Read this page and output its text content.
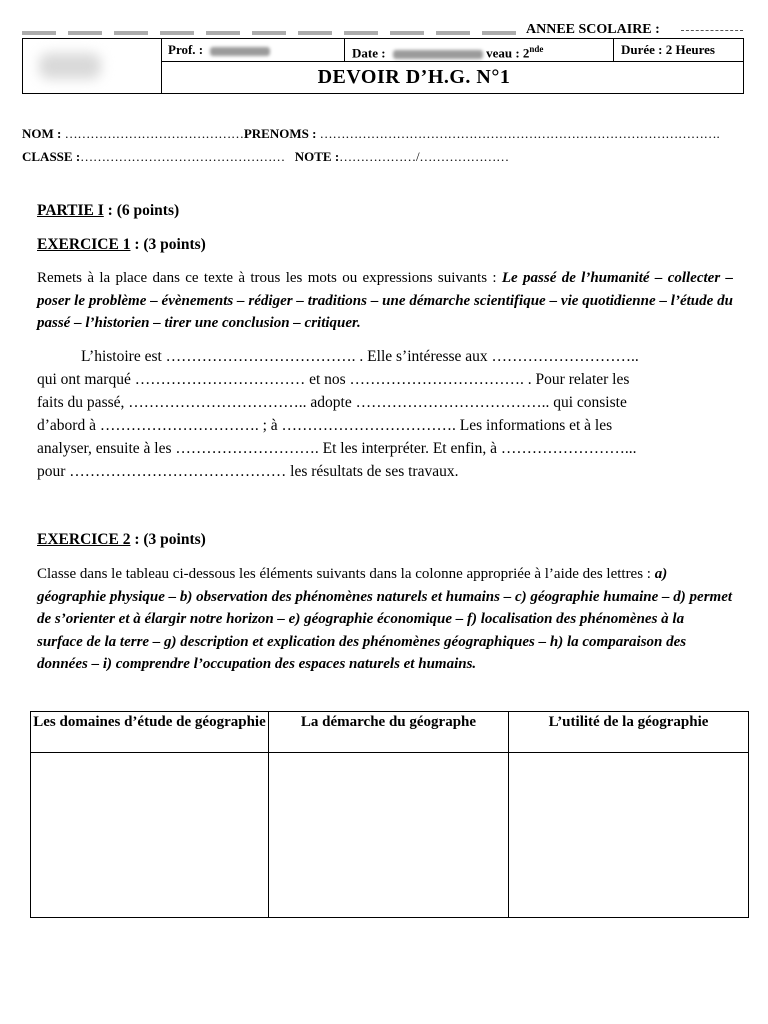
ANNEE SCOLAIRE :
Prof. :	Date :	veau : 2nde	Durée : 2 Heures
DEVOIR D’H.G. N°1
NOM : ……………………………………PRENOMS : ………………………………………………………………………………….
CLASSE :………………………………………… NOTE :………………/…………………
PARTIE I : (6 points)
EXERCICE 1 : (3 points)
Remets à la place dans ce texte à trous les mots ou expressions suivants : Le passé de l’humanité – collecter – poser le problème – évènements – rédiger – traditions – une démarche scientifique – vie quotidienne – l’étude du passé – l’historien – tirer une conclusion – critiquer.
L’histoire est ………………………………. . Elle s’intéresse aux ………………………..
qui ont marqué …………………………… et nos ……………………………. . Pour relater les
faits du passé, …………………………….. adopte ……………………………….. qui consiste
d’abord à …………………………. ; à ……………………………. Les informations et à les
analyser, ensuite à les ………………………. Et les interpréter. Et enfin, à ……………………...
pour …………………………………… les résultats de ses travaux.
EXERCICE 2 : (3 points)
Classe dans le tableau ci-dessous les éléments suivants dans la colonne appropriée à l’aide des lettres : a) géographie physique – b) observation des phénomènes naturels et humains – c) géographie humaine – d) permet de s’orienter et à élargir notre horizon – e) géographie économique – f) localisation des phénomènes à la surface de la terre – g) description et explication des phénomènes géographiques – h) la comparaison des données – i) comprendre l’occupation des espaces naturels et humains.
Les domaines d’étude de géographie	La démarche du géographe	L’utilité de la géographie
